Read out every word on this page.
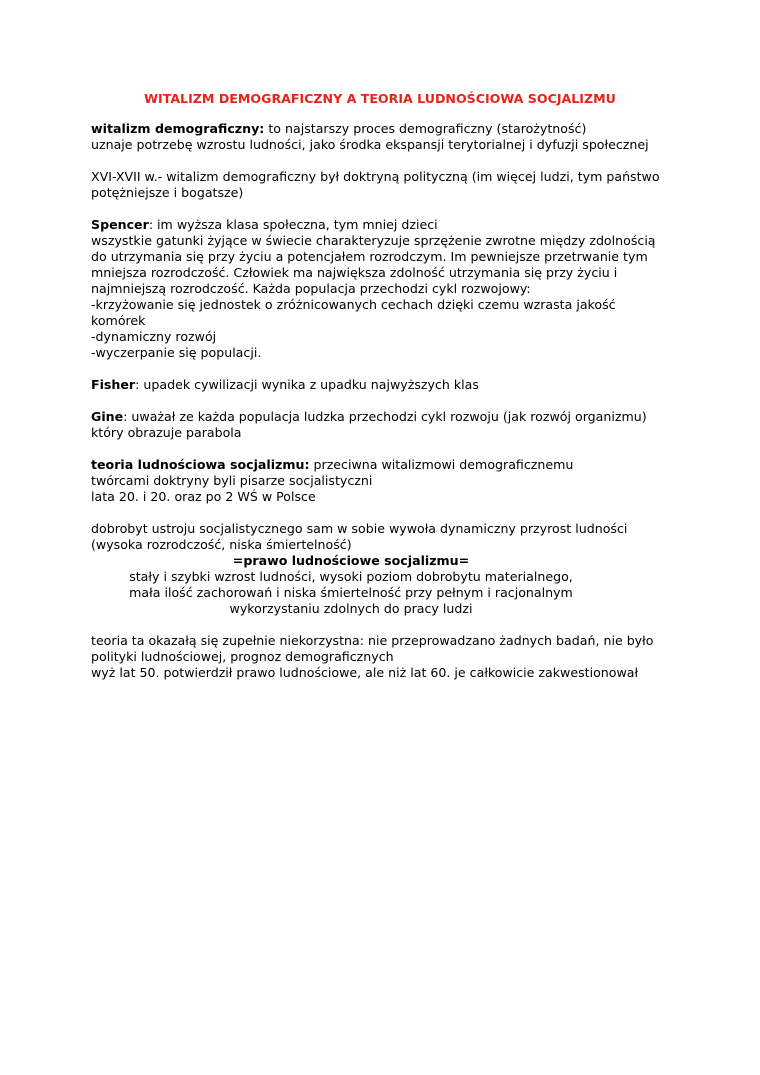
WITALIZM DEMOGRAFICZNY A TEORIA LUDNOŚCIOWA SOCJALIZMU
witalizm demograficzny: to najstarszy proces demograficzny (starożytność)
uznaje potrzebę wzrostu ludności, jako środka ekspansji terytorialnej i dyfuzji społecznej
XVI-XVII w.- witalizm demograficzny był doktryną polityczną (im więcej ludzi, tym państwo
potężniejsze i bogatsze)
Spencer: im wyższa klasa społeczna, tym mniej dzieci
wszystkie gatunki żyjące w świecie charakteryzuje sprzężenie zwrotne między zdolnością
do utrzymania się przy życiu a potencjałem rozrodczym. Im pewniejsze przetrwanie tym
mniejsza rozrodczość. Człowiek ma największa zdolność utrzymania się przy życiu i
najmniejszą rozrodczość. Każda populacja przechodzi cykl rozwojowy:
-krzyżowanie się jednostek o zróżnicowanych cechach dzięki czemu wzrasta jakość
komórek
-dynamiczny rozwój
-wyczerpanie się populacji.
Fisher: upadek cywilizacji wynika z upadku najwyższych klas
Gine: uważał ze każda populacja ludzka przechodzi cykl rozwoju (jak rozwój organizmu)
który obrazuje parabola
teoria ludnościowa socjalizmu: przeciwna witalizmowi demograficznemu
twórcami doktryny byli pisarze socjalistyczni
lata 20. i 20. oraz po 2 WŚ w Polsce
dobrobyt ustroju socjalistycznego sam w sobie wywoła dynamiczny przyrost ludności
(wysoka rozrodczość, niska śmiertelność)
=prawo ludnościowe socjalizmu=
stały i szybki wzrost ludności, wysoki poziom dobrobytu materialnego,
mała ilość zachorowań i niska śmiertelność przy pełnym i racjonalnym
wykorzystaniu zdolnych do pracy ludzi
teoria ta okazałą się zupełnie niekorzystna: nie przeprowadzano żadnych badań, nie było
polityki ludnościowej, prognoz demograficznych
wyż lat 50. potwierdził prawo ludnościowe, ale niż lat 60. je całkowicie zakwestionował
